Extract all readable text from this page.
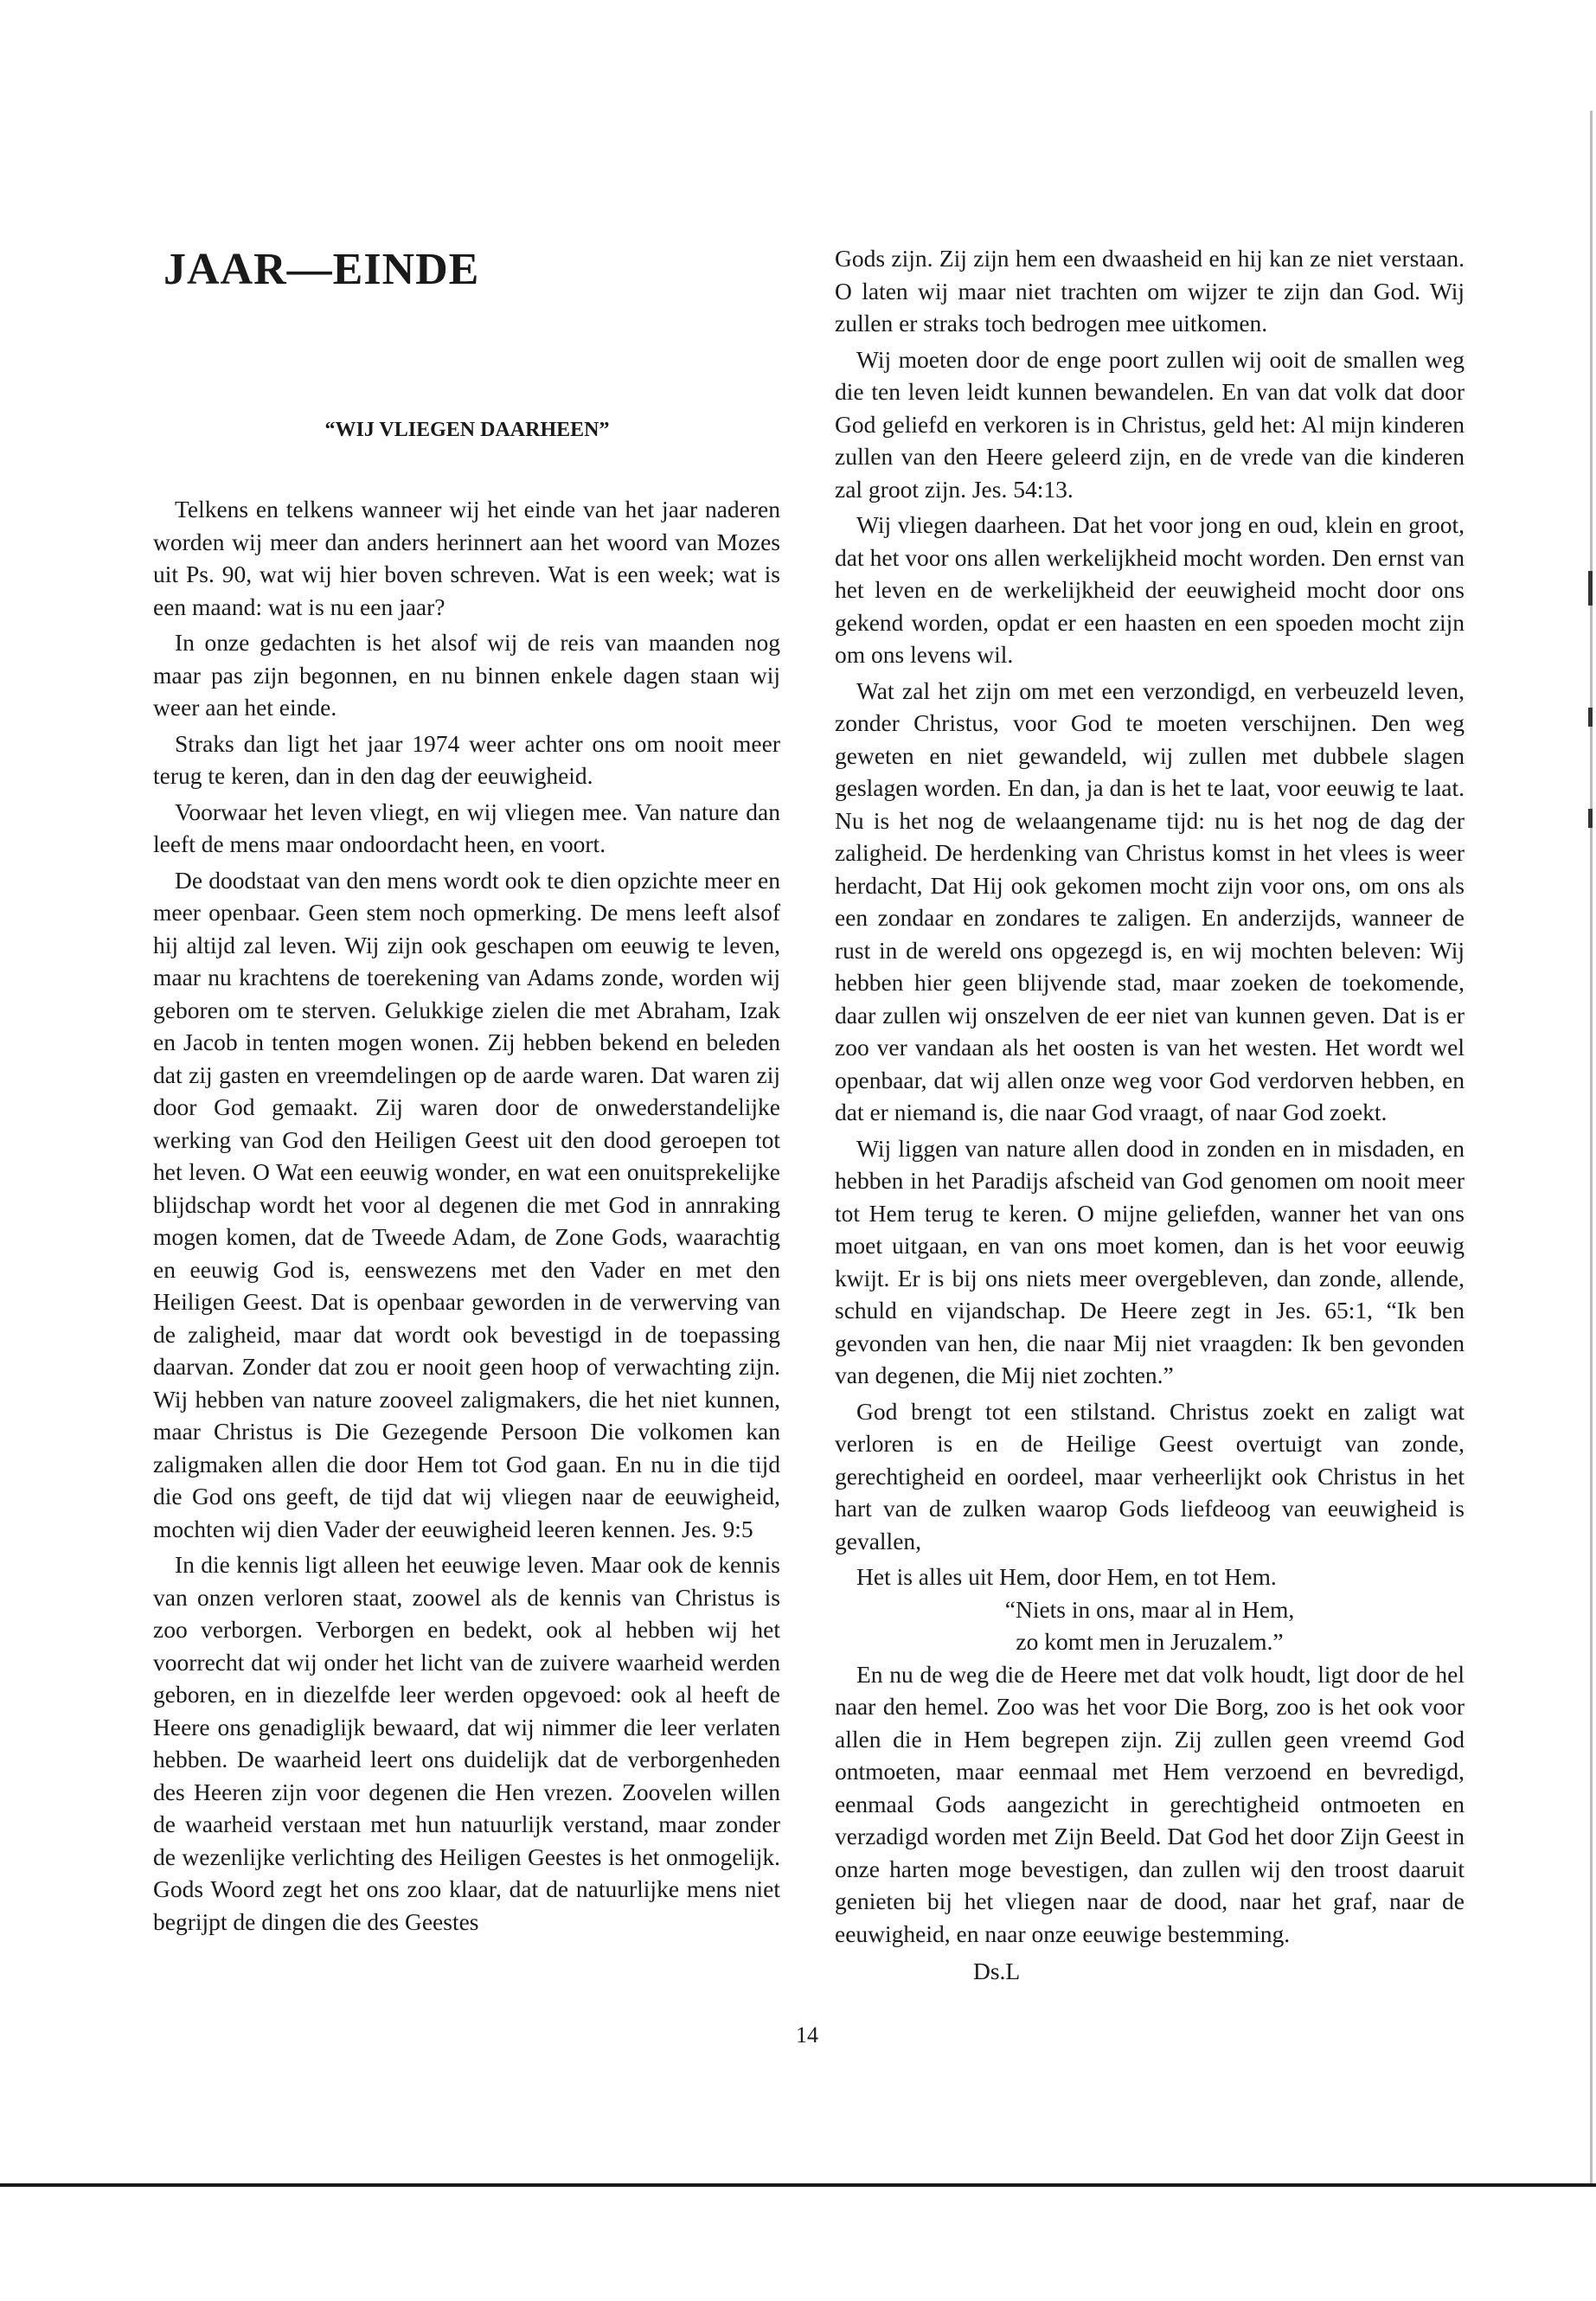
JAAR—EINDE
“WIJ VLIEGEN DAARHEEN”

Telkens en telkens wanneer wij het einde van het jaar naderen worden wij meer dan anders herinnert aan het woord van Mozes uit Ps. 90, wat wij hier boven schreven. Wat is een week; wat is een maand: wat is nu een jaar?

In onze gedachten is het alsof wij de reis van maanden nog maar pas zijn begonnen, en nu binnen enkele dagen staan wij weer aan het einde.

Straks dan ligt het jaar 1974 weer achter ons om nooit meer terug te keren, dan in den dag der eeuwigheid.

Voorwaar het leven vliegt, en wij vliegen mee. Van nature dan leeft de mens maar ondoordacht heen, en voort.

De doodstaat van den mens wordt ook te dien opzichte meer en meer openbaar. Geen stem noch opmerking. De mens leeft alsof hij altijd zal leven. Wij zijn ook geschapen om eeuwig te leven, maar nu krachtens de toerekening van Adams zonde, worden wij geboren om te sterven. Gelukkige zielen die met Abraham, Izak en Jacob in tenten mogen wonen. Zij hebben bekend en beleden dat zij gasten en vreemdelingen op de aarde waren. Dat waren zij door God gemaakt. Zij waren door de onwederstandelijke werking van God den Heiligen Geest uit den dood geroepen tot het leven. O Wat een eeuwig wonder, en wat een onuitsprekelijke blijdschap wordt het voor al degenen die met God in annraking mogen komen, dat de Tweede Adam, de Zone Gods, waarachtig en eeuwig God is, eenswezens met den Vader en met den Heiligen Geest. Dat is openbaar geworden in de verwerving van de zaligheid, maar dat wordt ook bevestigd in de toepassing daarvan. Zonder dat zou er nooit geen hoop of verwachting zijn. Wij hebben van nature zooveel zaligmakers, die het niet kunnen, maar Christus is Die Gezegende Persoon Die volkomen kan zaligmaken allen die door Hem tot God gaan. En nu in die tijd die God ons geeft, de tijd dat wij vliegen naar de eeuwigheid, mochten wij dien Vader der eeuwigheid leeren kennen. Jes. 9:5

In die kennis ligt alleen het eeuwige leven. Maar ook de kennis van onzen verloren staat, zoowel als de kennis van Christus is zoo verborgen. Verborgen en bedekt, ook al hebben wij het voorrecht dat wij onder het licht van de zuivere waarheid werden geboren, en in diezelfde leer werden opgevoed: ook al heeft de Heere ons genadiglijk bewaard, dat wij nimmer die leer verlaten hebben. De waarheid leert ons duidelijk dat de verborgenheden des Heeren zijn voor degenen die Hen vrezen. Zoovelen willen de waarheid verstaan met hun natuurlijk verstand, maar zonder de wezenlijke verlichting des Heiligen Geestes is het onmogelijk. Gods Woord zegt het ons zoo klaar, dat de natuurlijke mens niet begrijpt de dingen die des Geestes

Gods zijn. Zij zijn hem een dwaasheid en hij kan ze niet verstaan. O laten wij maar niet trachten om wijzer te zijn dan God. Wij zullen er straks toch bedrogen mee uitkomen.

Wij moeten door de enge poort zullen wij ooit de smallen weg die ten leven leidt kunnen bewandelen. En van dat volk dat door God geliefd en verkoren is in Christus, geld het: Al mijn kinderen zullen van den Heere geleerd zijn, en de vrede van die kinderen zal groot zijn. Jes. 54:13.

Wij vliegen daarheen. Dat het voor jong en oud, klein en groot, dat het voor ons allen werkelijkheid mocht worden. Den ernst van het leven en de werkelijkheid der eeuwigheid mocht door ons gekend worden, opdat er een haasten en een spoeden mocht zijn om ons levens wil.

Wat zal het zijn om met een verzondigd, en verbeuzeld leven, zonder Christus, voor God te moeten verschijnen. Den weg geweten en niet gewandeld, wij zullen met dubbele slagen geslagen worden. En dan, ja dan is het te laat, voor eeuwig te laat. Nu is het nog de welaangename tijd: nu is het nog de dag der zaligheid. De herdenking van Christus komst in het vlees is weer herdacht, Dat Hij ook gekomen mocht zijn voor ons, om ons als een zondaar en zondares te zaligen. En anderzijds, wanneer de rust in de wereld ons opgezegd is, en wij mochten beleven: Wij hebben hier geen blijvende stad, maar zoeken de toekomende, daar zullen wij onszelven de eer niet van kunnen geven. Dat is er zoo ver vandaan als het oosten is van het westen. Het wordt wel openbaar, dat wij allen onze weg voor God verdorven hebben, en dat er niemand is, die naar God vraagt, of naar God zoekt.

Wij liggen van nature allen dood in zonden en in misdaden, en hebben in het Paradijs afscheid van God genomen om nooit meer tot Hem terug te keren. O mijne geliefden, wanner het van ons moet uitgaan, en van ons moet komen, dan is het voor eeuwig kwijt. Er is bij ons niets meer overgebleven, dan zonde, allende, schuld en vijandschap. De Heere zegt in Jes. 65:1, “Ik ben gevonden van hen, die naar Mij niet vraagden: Ik ben gevonden van degenen, die Mij niet zochten.”

God brengt tot een stilstand. Christus zoekt en zaligt wat verloren is en de Heilige Geest overtuigt van zonde, gerechtigheid en oordeel, maar verheerlijkt ook Christus in het hart van de zulken waarop Gods liefdeoog van eeuwigheid is gevallen,

Het is alles uit Hem, door Hem, en tot Hem.

“Niets in ons, maar al in Hem,

zo komt men in Jeruzalem.”

En nu de weg die de Heere met dat volk houdt, ligt door de hel naar den hemel. Zoo was het voor Die Borg, zoo is het ook voor allen die in Hem begrepen zijn. Zij zullen geen vreemd God ontmoeten, maar eenmaal met Hem verzoend en bevredigd, eenmaal Gods aangezicht in gerechtigheid ontmoeten en verzadigd worden met Zijn Beeld. Dat God het door Zijn Geest in onze harten moge bevestigen, dan zullen wij den troost daaruit genieten bij het vliegen naar de dood, naar het graf, naar de eeuwigheid, en naar onze eeuwige bestemming.

Ds.L

14
